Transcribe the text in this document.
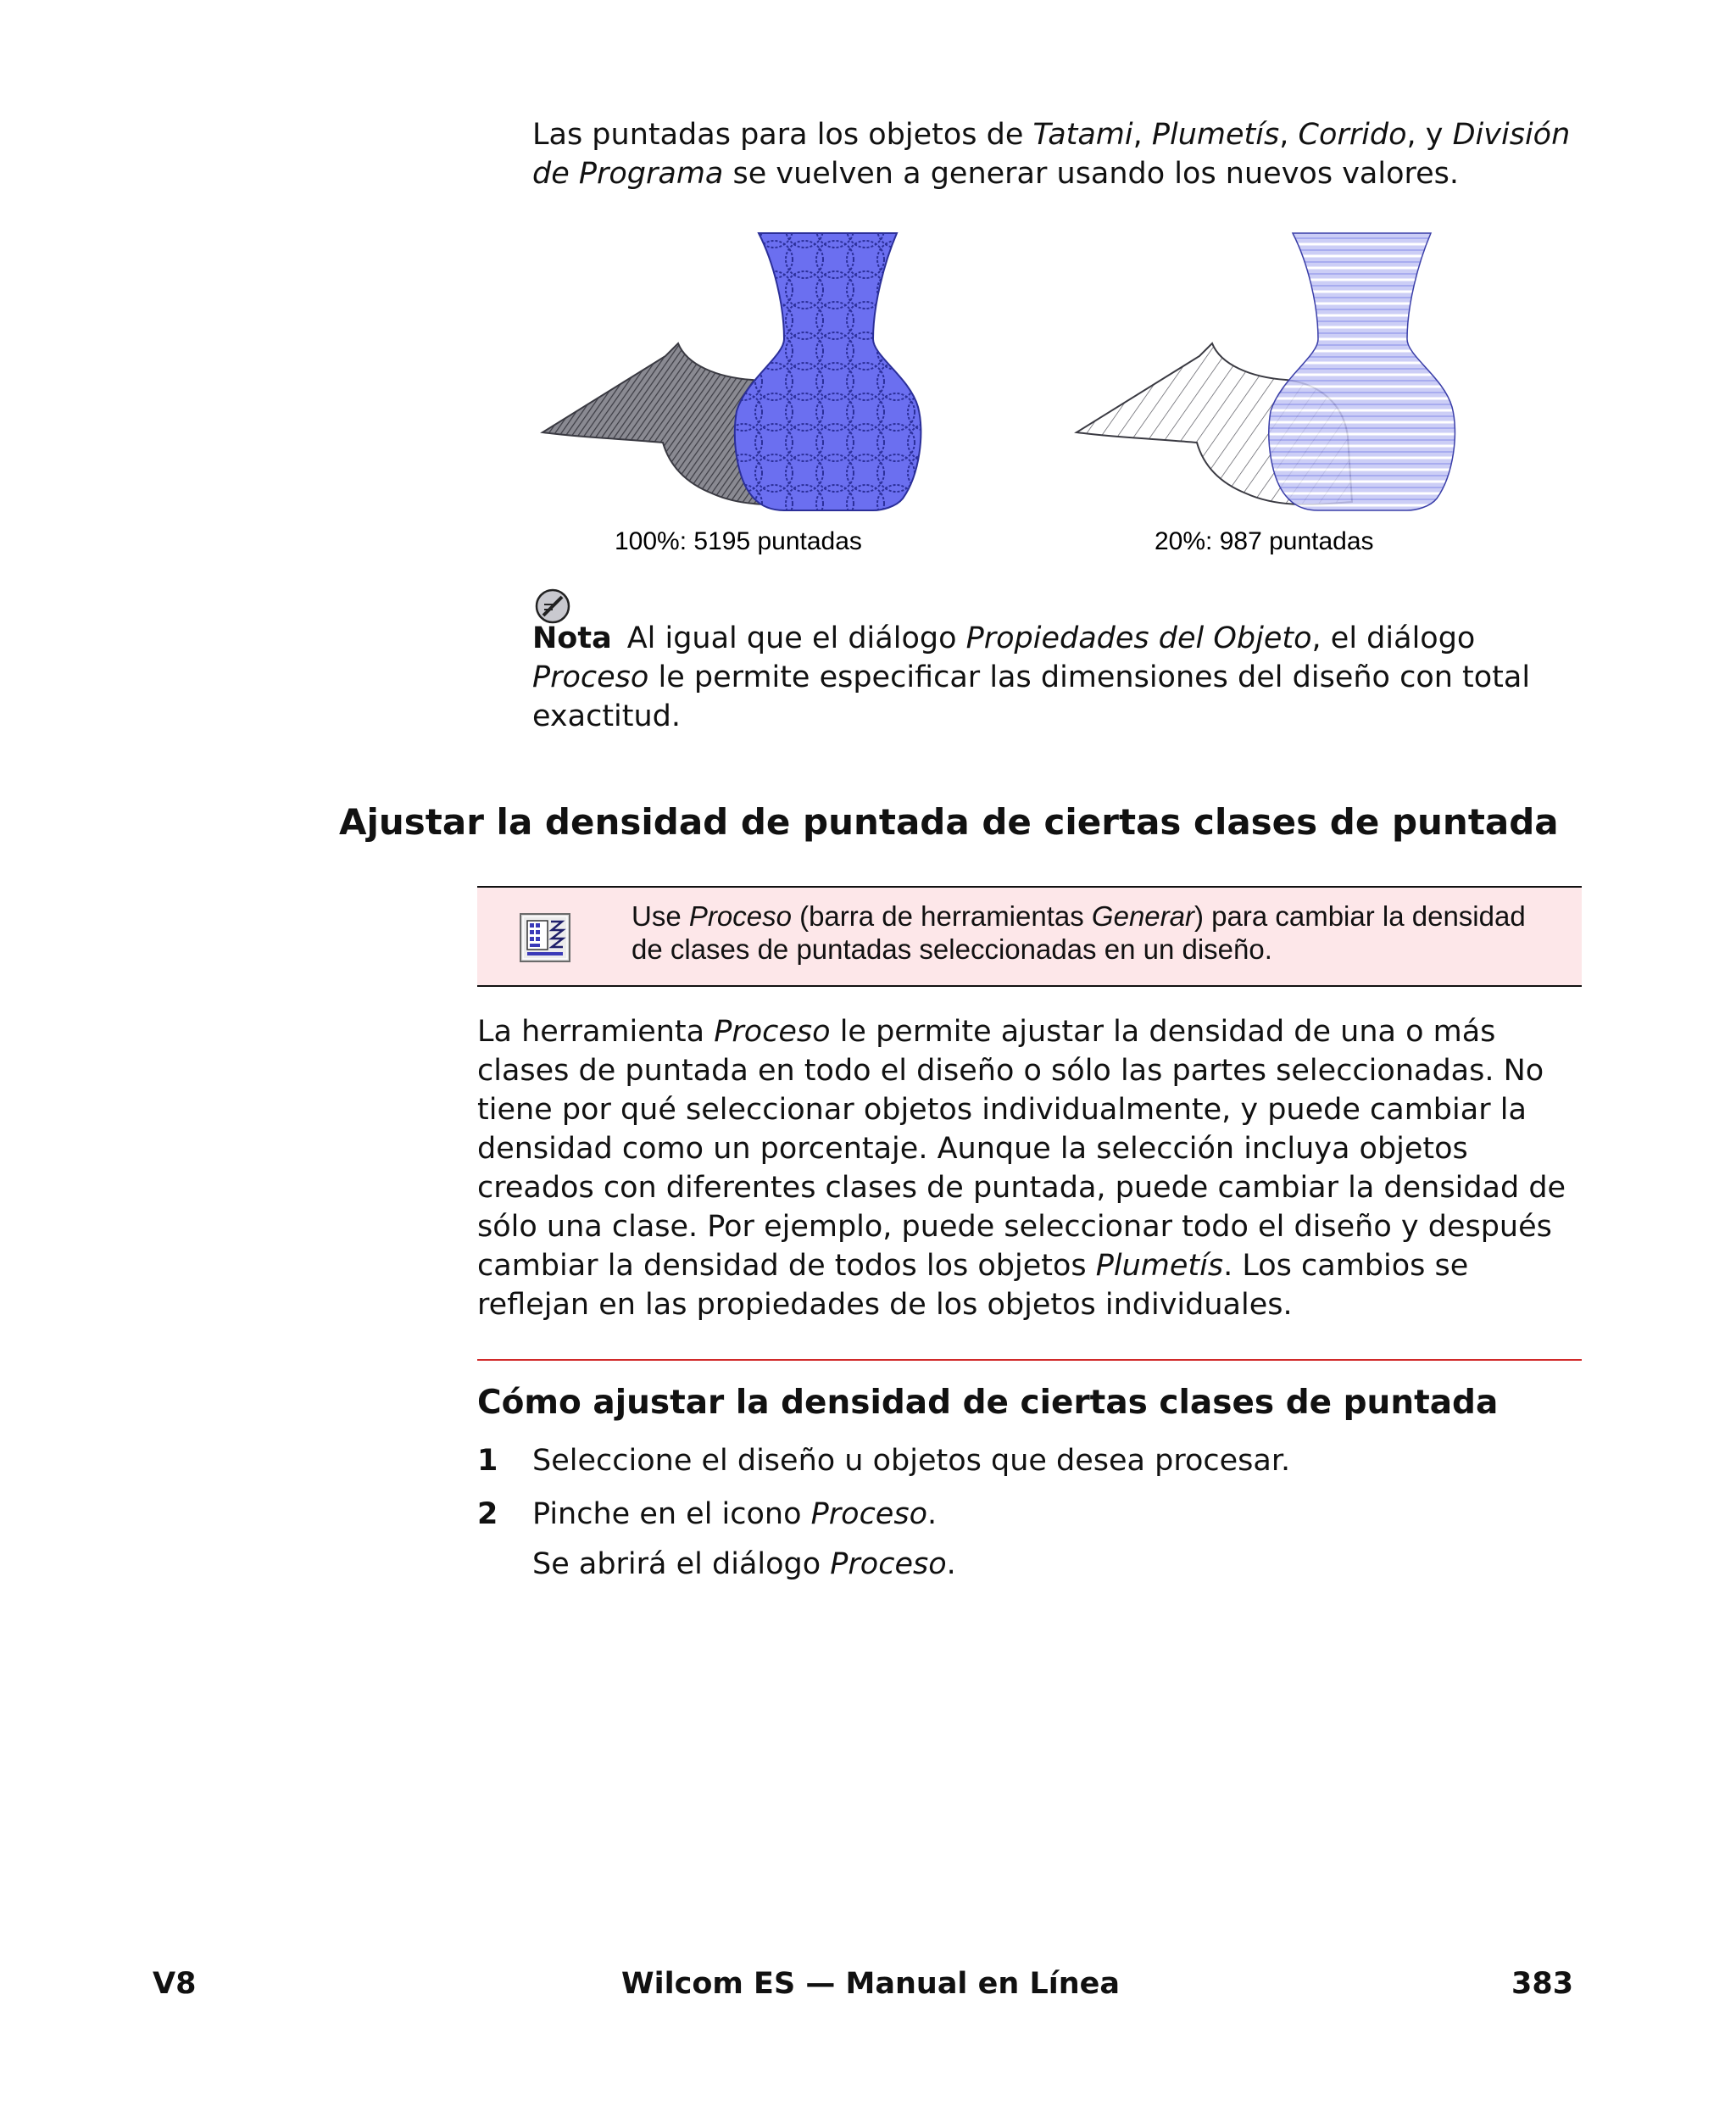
Las puntadas para los objetos de Tatami, Plumetís, Corrido, y División de Programa se vuelven a generar usando los nuevos valores.
100%: 5195 puntadas	20%: 987 puntadas
Nota Al igual que el diálogo Propiedades del Objeto, el diálogo Proceso le permite especificar las dimensiones del diseño con total exactitud.
Ajustar la densidad de puntada de ciertas clases de puntada
Use Proceso (barra de herramientas Generar) para cambiar la densidad de clases de puntadas seleccionadas en un diseño.
La herramienta Proceso le permite ajustar la densidad de una o más clases de puntada en todo el diseño o sólo las partes seleccionadas. No tiene por qué seleccionar objetos individualmente, y puede cambiar la densidad como un porcentaje. Aunque la selección incluya objetos creados con diferentes clases de puntada, puede cambiar la densidad de sólo una clase. Por ejemplo, puede seleccionar todo el diseño y después cambiar la densidad de todos los objetos Plumetís. Los cambios se reflejan en las propiedades de los objetos individuales.
Cómo ajustar la densidad de ciertas clases de puntada
1 Seleccione el diseño u objetos que desea procesar.
2 Pinche en el icono Proceso.
Se abrirá el diálogo Proceso.
V8	Wilcom ES — Manual en Línea	383
